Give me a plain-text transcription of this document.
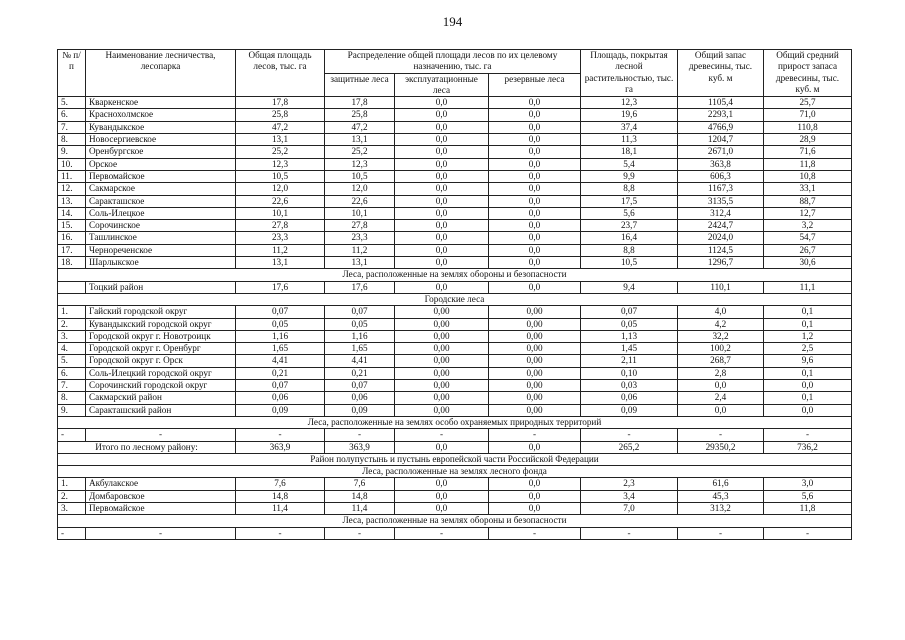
194
№ п/п	Наименование лесничества, лесопарка	Общая площадь лесов, тыс. га	Распределение общей площади лесов по их целевому назначению, тыс. га			Площадь, покрытая лесной растительностью, тыс. га	Общий запас древесины, тыс. куб. м	Общий средний прирост запаса древесины, тыс. куб. м
			защитные леса	эксплуатационные леса	резервные леса			

5.	Кваркенское	17,8	17,8	0,0	0,0	12,3	1105,4	25,7
6.	Краснохолмское	25,8	25,8	0,0	0,0	19,6	2293,1	71,0
7.	Кувандыкское	47,2	47,2	0,0	0,0	37,4	4766,9	110,8
8.	Новосергиевское	13,1	13,1	0,0	0,0	11,3	1204,7	28,9
9.	Оренбургское	25,2	25,2	0,0	0,0	18,1	2671,0	71,6
10.	Орское	12,3	12,3	0,0	0,0	5,4	363,8	11,8
11.	Первомайское	10,5	10,5	0,0	0,0	9,9	606,3	10,8
12.	Сакмарское	12,0	12,0	0,0	0,0	8,8	1167,3	33,1
13.	Саракташское	22,6	22,6	0,0	0,0	17,5	3135,5	88,7
14.	Соль-Илецкое	10,1	10,1	0,0	0,0	5,6	312,4	12,7
15.	Сорочинское	27,8	27,8	0,0	0,0	23,7	2424,7	3,2
16.	Ташлинское	23,3	23,3	0,0	0,0	16,4	2024,0	54,7
17.	Чернореченское	11,2	11,2	0,0	0,0	8,8	1124,5	26,7
18.	Шарлыкское	13,1	13,1	0,0	0,0	10,5	1296,7	30,6
Леса, расположенные на землях обороны и безопасности								
	Тоцкий район	17,6	17,6	0,0	0,0	9,4	110,1	11,1
Городские леса								
1.	Гайский городской округ	0,07	0,07	0,00	0,00	0,07	4,0	0,1
2.	Кувандыкский городской округ	0,05	0,05	0,00	0,00	0,05	4,2	0,1
3.	Городской округ г. Новотроицк	1,16	1,16	0,00	0,00	1,13	32,2	1,2
4.	Городской округ г. Оренбург	1,65	1,65	0,00	0,00	1,45	100,2	2,5
5.	Городской округ г. Орск	4,41	4,41	0,00	0,00	2,11	268,7	9,6
6.	Соль-Илецкий городской округ	0,21	0,21	0,00	0,00	0,10	2,8	0,1
7.	Сорочинский городской округ	0,07	0,07	0,00	0,00	0,03	0,0	0,0
8.	Сакмарский район	0,06	0,06	0,00	0,00	0,06	2,4	0,1
9.	Саракташский район	0,09	0,09	0,00	0,00	0,09	0,0	0,0
Леса, расположенные на землях особо охраняемых природных территорий								
-	-	-	-	-	-	-	-	-
Итого по лесному району:		363,9	363,9	0,0	0,0	265,2	29350,2	736,2
Район полупустынь и пустынь европейской части Российской Федерации								
Леса, расположенные на землях лесного фонда								
1.	Акбулакское	7,6	7,6	0,0	0,0	2,3	61,6	3,0
2.	Домбаровское	14,8	14,8	0,0	0,0	3,4	45,3	5,6
3.	Первомайское	11,4	11,4	0,0	0,0	7,0	313,2	11,8
Леса, расположенные на землях обороны и безопасности								
-	-	-	-	-	-	-	-	-
